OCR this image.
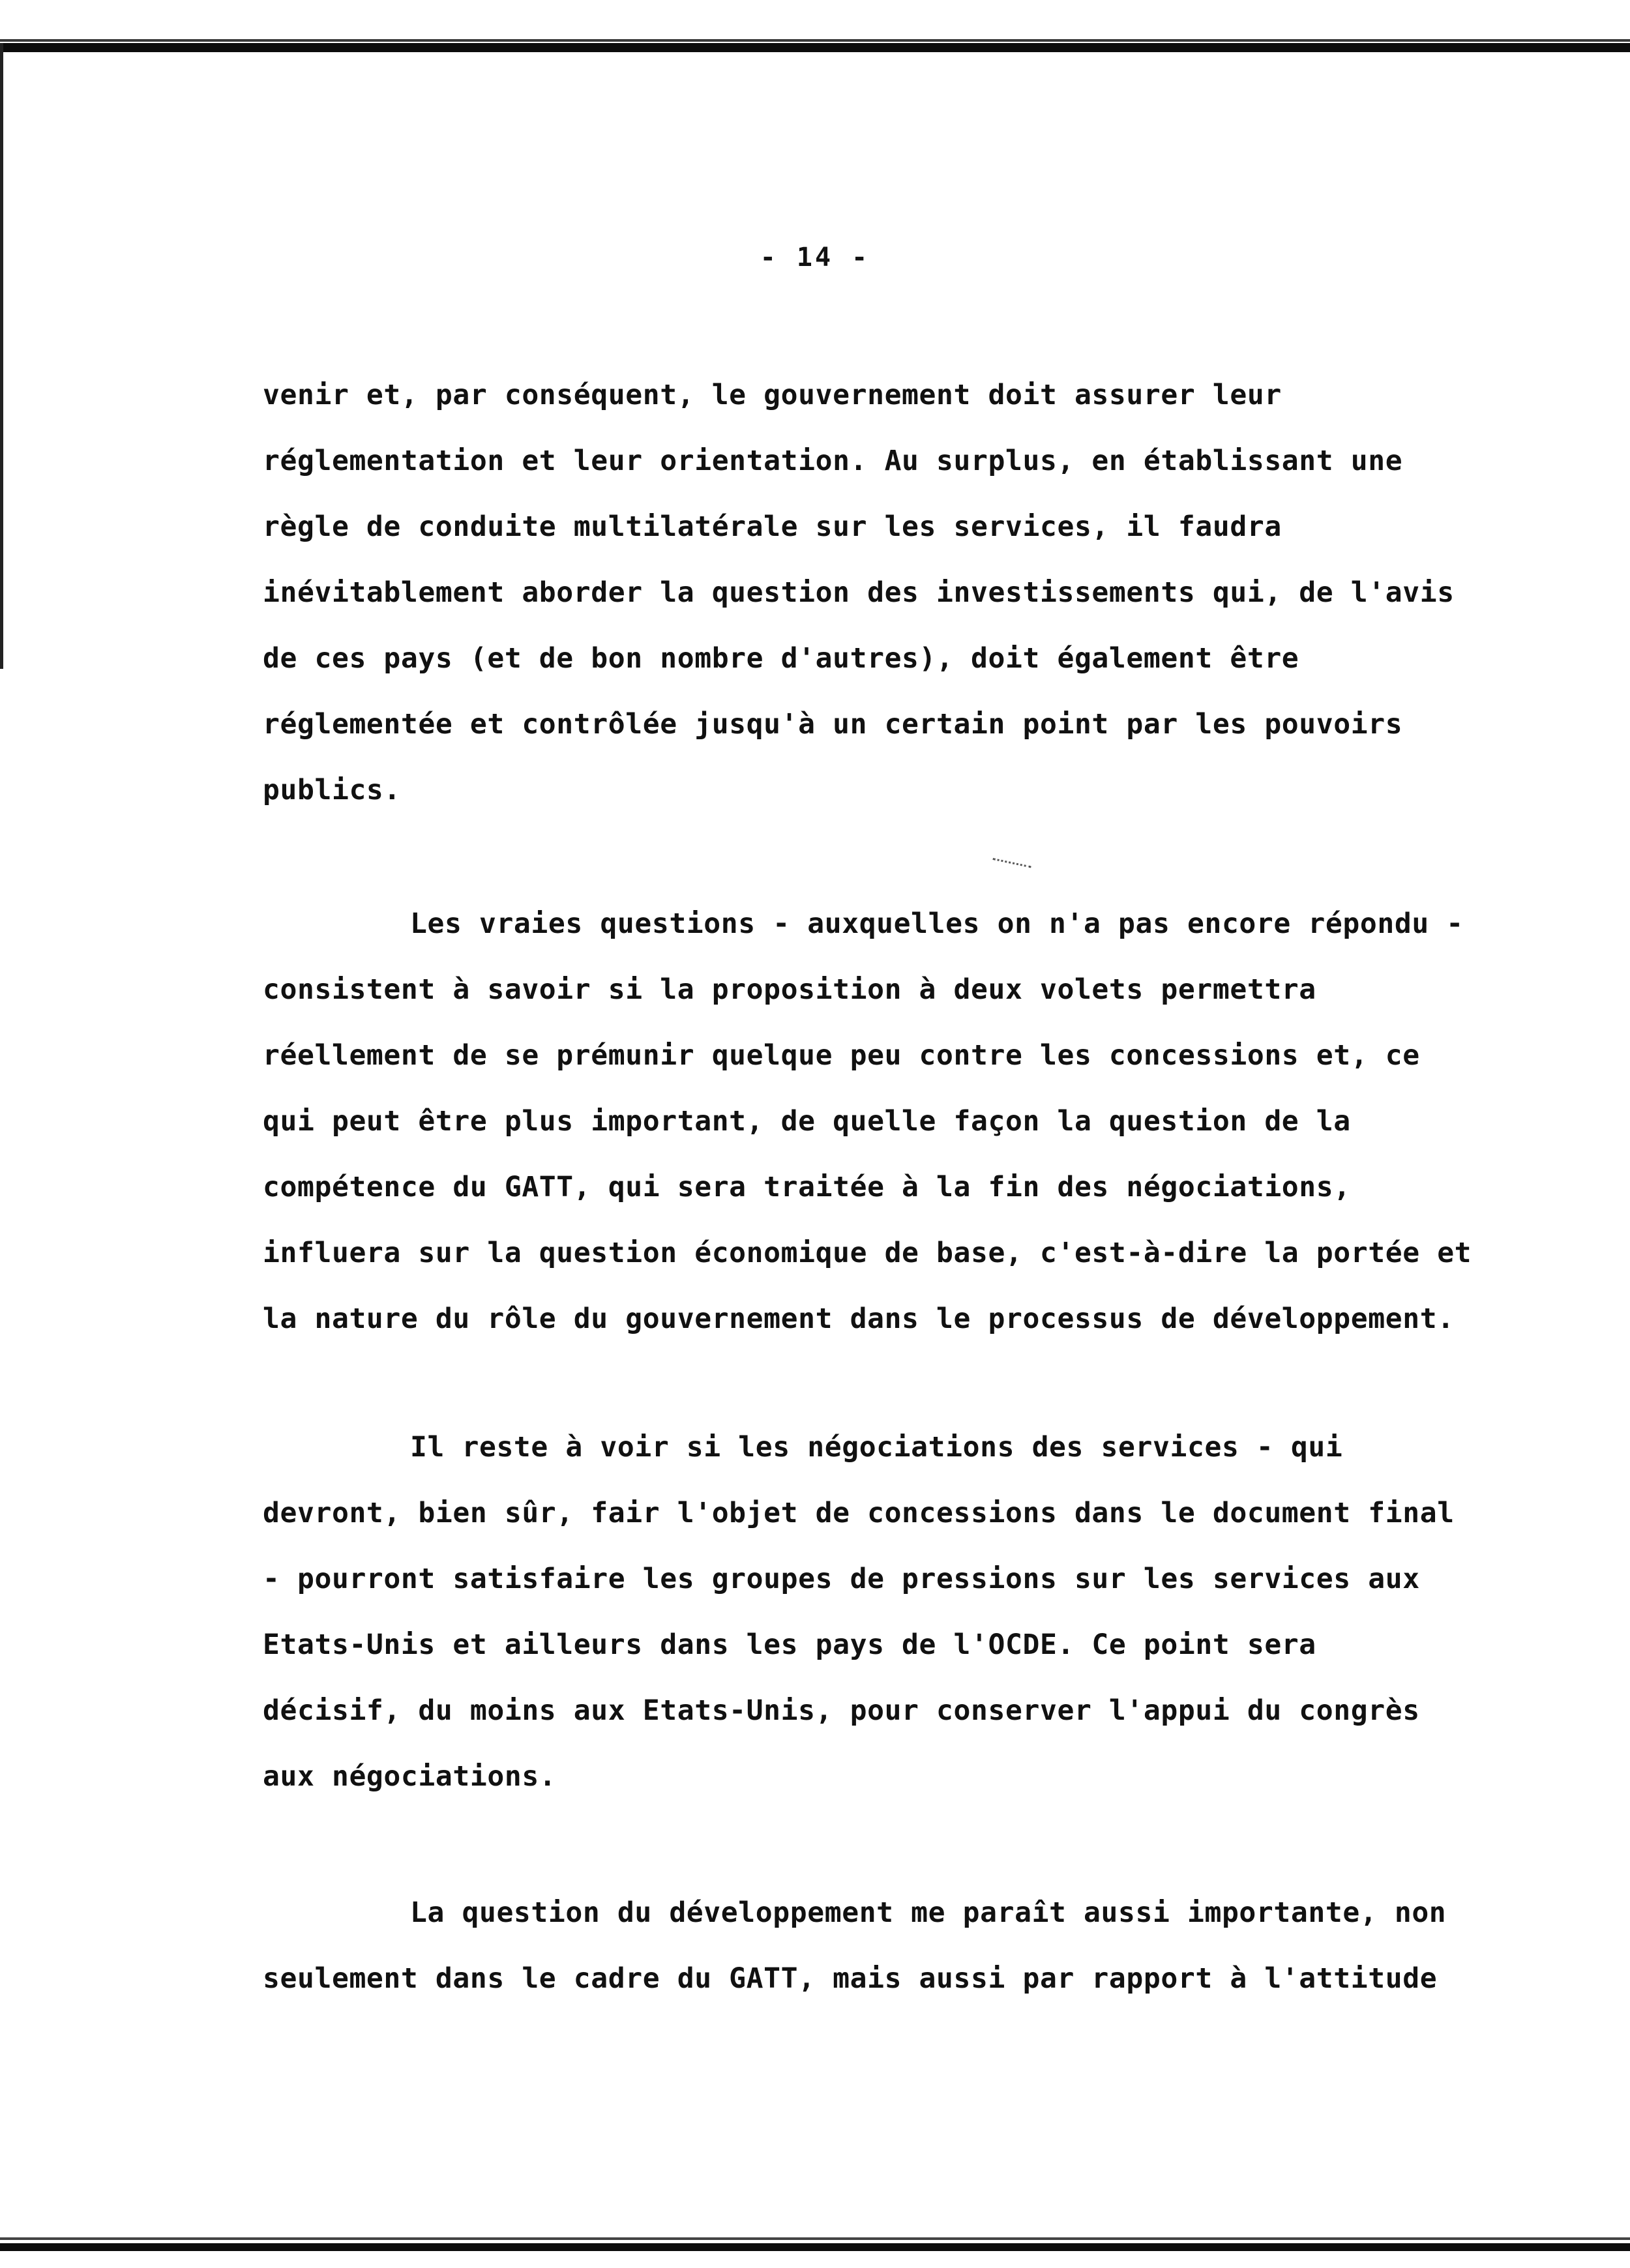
- 14 -
venir et, par conséquent, le gouvernement doit assurer leur
réglementation et leur orientation. Au surplus, en établissant une
règle de conduite multilatérale sur les services, il faudra
inévitablement aborder la question des investissements qui, de l'avis
de ces pays (et de bon nombre d'autres), doit également être
réglementée et contrôlée jusqu'à un certain point par les pouvoirs
publics.
Les vraies questions - auxquelles on n'a pas encore répondu -
consistent à savoir si la proposition à deux volets permettra
réellement de se prémunir quelque peu contre les concessions et, ce
qui peut être plus important, de quelle façon la question de la
compétence du GATT, qui sera traitée à la fin des négociations,
influera sur la question économique de base, c'est-à-dire la portée et
la nature du rôle du gouvernement dans le processus de développement.
Il reste à voir si les négociations des services - qui
devront, bien sûr, fair l'objet de concessions dans le document final
- pourront satisfaire les groupes de pressions sur les services aux
Etats-Unis et ailleurs dans les pays de l'OCDE. Ce point sera
décisif, du moins aux Etats-Unis, pour conserver l'appui du congrès
aux négociations.
La question du développement me paraît aussi importante, non
seulement dans le cadre du GATT, mais aussi par rapport à l'attitude
